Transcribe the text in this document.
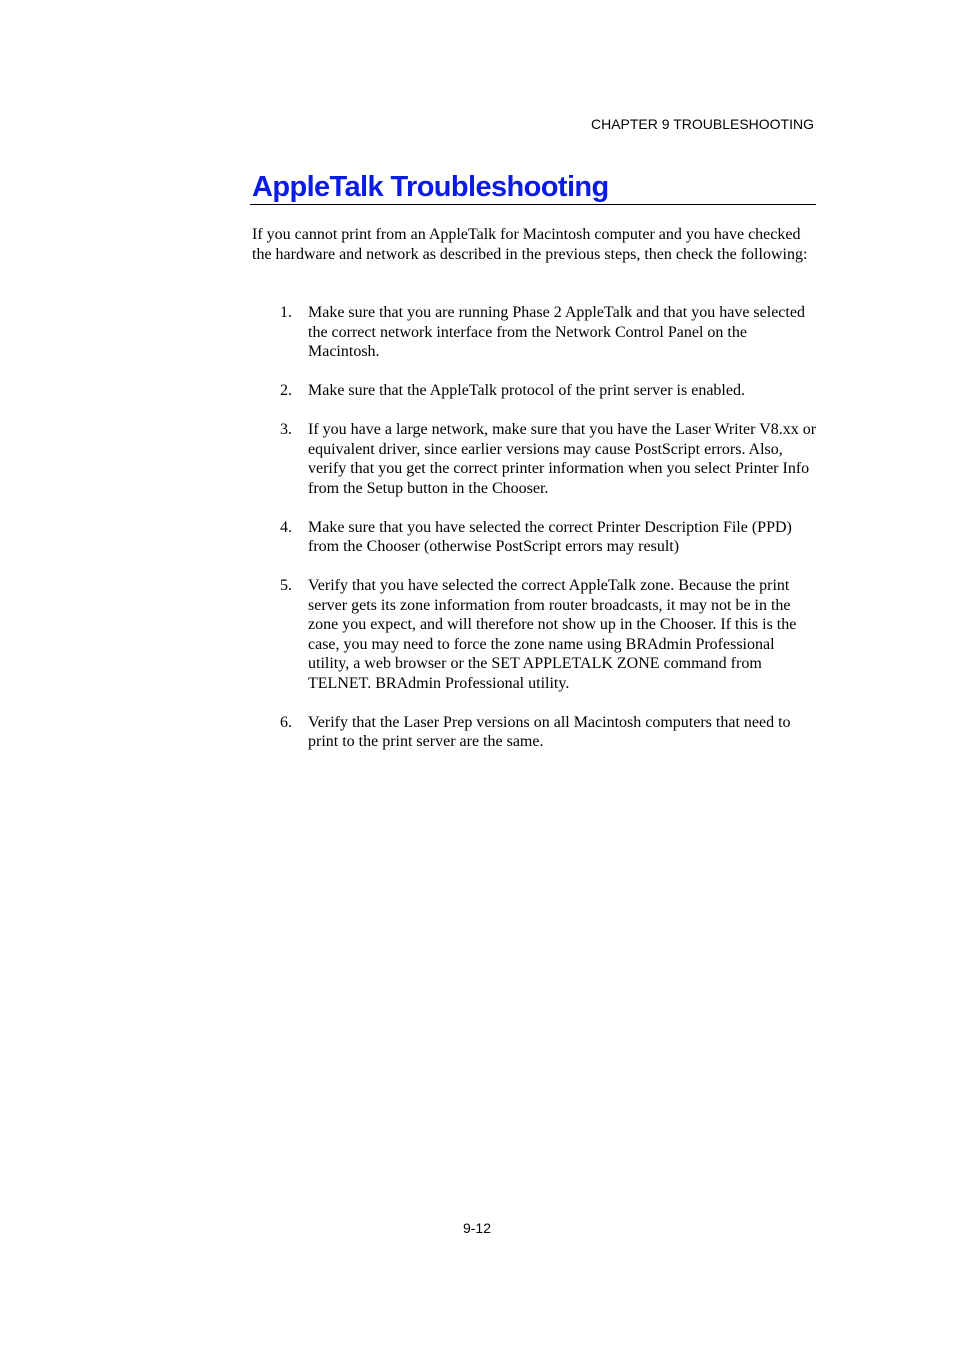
CHAPTER 9 TROUBLESHOOTING

AppleTalk Troubleshooting

If you cannot print from an AppleTalk for Macintosh computer and you have checked the hardware and network as described in the previous steps, then check the following:

1.	Make sure that you are running Phase 2 AppleTalk and that you have selected the correct network interface from the Network Control Panel on the Macintosh.
2.	Make sure that the AppleTalk protocol of the print server is enabled.
3.	If you have a large network, make sure that you have the Laser Writer V8.xx or equivalent driver, since earlier versions may cause PostScript errors. Also, verify that you get the correct printer information when you select Printer Info from the Setup button in the Chooser.
4.	Make sure that you have selected the correct Printer Description File (PPD) from the Chooser (otherwise PostScript errors may result)
5.	Verify that you have selected the correct AppleTalk zone. Because the print server gets its zone information from router broadcasts, it may not be in the zone you expect, and will therefore not show up in the Chooser. If this is the case, you may need to force the zone name using BRAdmin Professional utility, a web browser or the SET APPLETALK ZONE command from TELNET. BRAdmin Professional utility.
6.	Verify that the Laser Prep versions on all Macintosh computers that need to print to the print server are the same.

9-12
